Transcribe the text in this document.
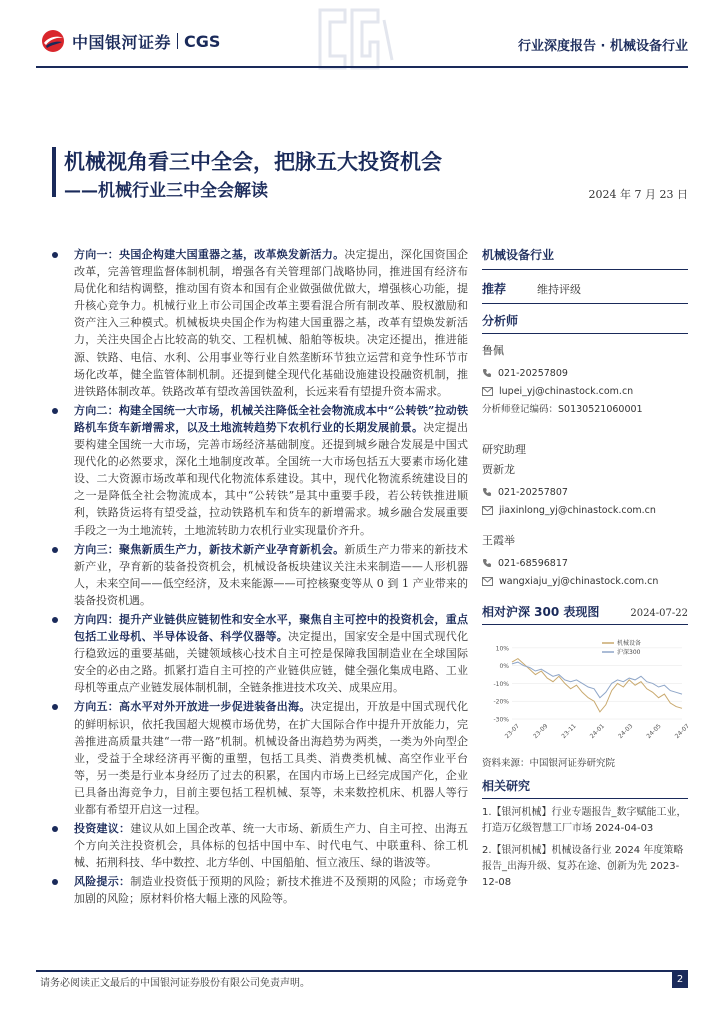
中国银河证券 CGS	行业深度报告 · 机械设备行业
机械视角看三中全会，把脉五大投资机会
——机械行业三中全会解读	2024 年 7 月 23 日
方向一：央国企构建大国重器之基，改革焕发新活力。决定提出，深化国资国企改革，完善管理监督体制机制，增强各有关管理部门战略协同，推进国有经济布局优化和结构调整，推动国有资本和国有企业做强做优做大，增强核心功能，提升核心竞争力。机械行业上市公司国企改革主要看混合所有制改革、股权激励和资产注入三种模式。机械板块央国企作为构建大国重器之基，改革有望焕发新活力，关注央国企占比较高的轨交、工程机械、船舶等板块。决定还提出，推进能源、铁路、电信、水利、公用事业等行业自然垄断环节独立运营和竞争性环节市场化改革，健全监管体制机制。还提到健全现代化基础设施建设投融资机制，推进铁路体制改革。铁路改革有望改善国铁盈利，长远来看有望提升资本需求。
方向二：构建全国统一大市场，机械关注降低全社会物流成本中“公转铁”拉动铁路机车货车新增需求，以及土地流转趋势下农机行业的长期发展前景。决定提出要构建全国统一大市场，完善市场经济基础制度。还提到城乡融合发展是中国式现代化的必然要求，深化土地制度改革。全国统一大市场包括五大要素市场化建设、二大资源市场改革和现代化物流体系建设。其中，现代化物流系统建设目的之一是降低全社会物流成本，其中“公转铁”是其中重要手段，若公转铁推进顺利，铁路货运将有望受益，拉动铁路机车和货车的新增需求。城乡融合发展重要手段之一为土地流转，土地流转助力农机行业实现量价齐升。
方向三：聚焦新质生产力，新技术新产业孕育新机会。新质生产力带来的新技术新产业，孕育新的装备投资机会，机械设备板块建议关注未来制造——人形机器人，未来空间——低空经济，及未来能源——可控核聚变等从 0 到 1 产业带来的装备投资机遇。
方向四：提升产业链供应链韧性和安全水平，聚焦自主可控中的投资机会，重点包括工业母机、半导体设备、科学仪器等。决定提出，国家安全是中国式现代化行稳致远的重要基础，关键领域核心技术自主可控是保障我国制造业在全球国际安全的必由之路。抓紧打造自主可控的产业链供应链，健全强化集成电路、工业母机等重点产业链发展体制机制，全链条推进技术攻关、成果应用。
方向五：高水平对外开放进一步促进装备出海。决定提出，开放是中国式现代化的鲜明标识，依托我国超大规模市场优势，在扩大国际合作中提升开放能力，完善推进高质量共建“一带一路”机制。机械设备出海趋势为两类，一类为外向型企业，受益于全球经济再平衡的重塑，包括工具类、消费类机械、高空作业平台等，另一类是行业本身经历了过去的积累，在国内市场上已经完成国产化，企业已具备出海竞争力，目前主要包括工程机械、泵等，未来数控机床、机器人等行业都有希望开启这一过程。
投资建议：建议从如上国企改革、统一大市场、新质生产力、自主可控、出海五个方向关注投资机会，具体标的包括中国中车、时代电气、中联重科、徐工机械、拓荆科技、华中数控、北方华创、中国船舶、恒立液压、绿的谐波等。
风险提示：制造业投资低于预期的风险；新技术推进不及预期的风险；市场竞争加剧的风险；原材料价格大幅上涨的风险等。
机械设备行业
推荐	维持评级
分析师
鲁佩
021-20257809
lupei_yj@chinastock.com.cn
分析师登记编码：S0130521060001
研究助理
贾新龙
021-20257807
jiaxinlong_yj@chinastock.com.cn
王霞举
021-68596817
wangxiaju_yj@chinastock.com.cn
相对沪深 300 表现图	2024-07-22
10%
0%
-10%
-20%
-30%
23-07 23-09 23-11 24-01 24-03 24-05 24-07
机械设备
沪深300
资料来源：中国银河证券研究院
相关研究
1.【银河机械】行业专题报告_数字赋能工业，打造万亿级智慧工厂市场 2024-04-03
2.【银河机械】机械设备行业 2024 年度策略报告_出海升级、复苏在途、创新为先 2023-12-08
请务必阅读正文最后的中国银河证券股份有限公司免责声明。	2
